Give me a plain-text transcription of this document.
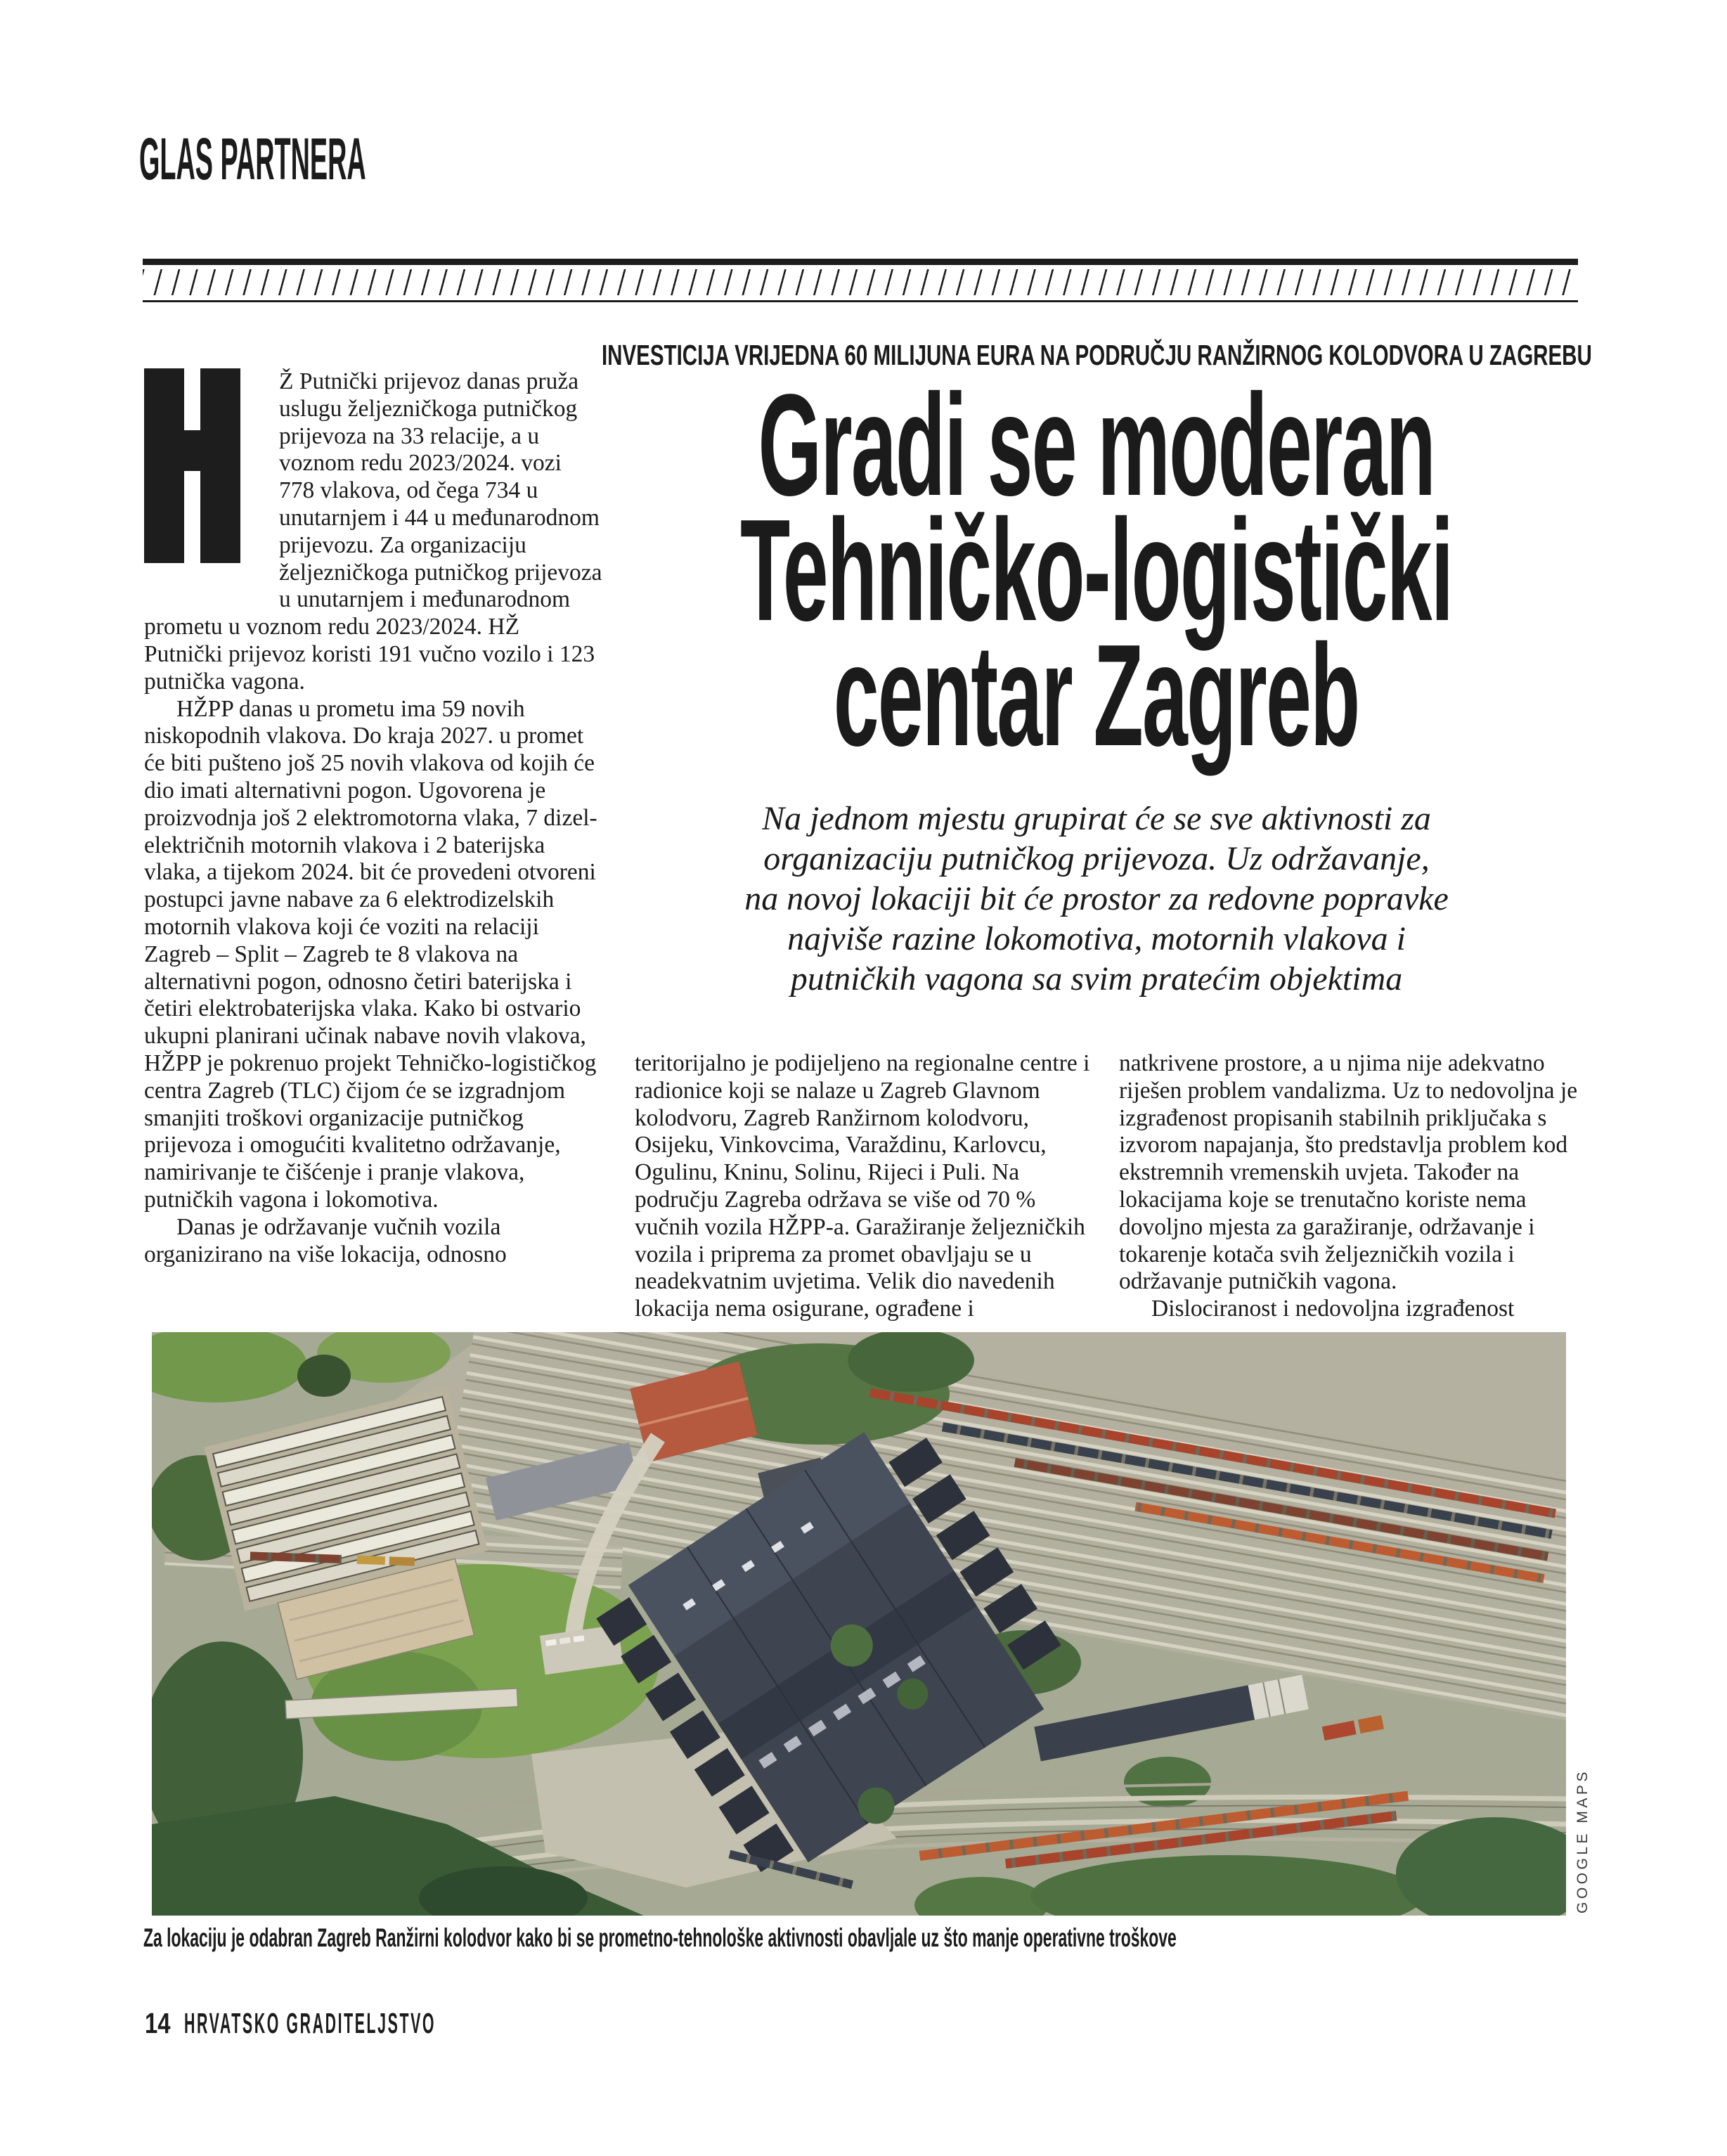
GLAS PARTNERA
INVESTICIJA VRIJEDNA 60 MILIJUNA EURA NA PODRUČJU RANŽIRNOG KOLODVORA U ZAGREBU
Gradi se moderan
Tehničko-logistički
centar Zagreb
Na jednom mjestu grupirat će se sve aktivnosti za
organizaciju putničkog prijevoza. Uz održavanje,
na novoj lokaciji bit će prostor za redovne popravke
najviše razine lokomotiva, motornih vlakova i
putničkih vagona sa svim pratećim objektima

Ž Putnički prijevoz danas pruža uslugu željezničkoga putničkog prijevoza na 33 relacije, a u voznom redu 2023/2024. vozi 778 vlakova, od čega 734 u unutarnjem i 44 u međunarodnom prijevozu. Za organizaciju željezničkoga putničkog prijevoza u unutarnjem i međunarodnom prometu u voznom redu 2023/2024. HŽ Putnički prijevoz koristi 191 vučno vozilo i 123 putnička vagona.

HŽPP danas u prometu ima 59 novih niskopodnih vlakova. Do kraja 2027. u promet će biti pušteno još 25 novih vlakova od kojih će dio imati alternativni pogon. Ugovorena je proizvodnja još 2 elektromotorna vlaka, 7 dizel-električnih motornih vlakova i 2 baterijska vlaka, a tijekom 2024. bit će provedeni otvoreni postupci javne nabave za 6 elektrodizelskih motornih vlakova koji će voziti na relaciji Zagreb – Split – Zagreb te 8 vlakova na alternativni pogon, odnosno četiri baterijska i četiri elektrobaterijska vlaka. Kako bi ostvario ukupni planirani učinak nabave novih vlakova, HŽPP je pokrenuo projekt Tehničko-logističkog centra Zagreb (TLC) čijom će se izgradnjom smanjiti troškovi organizacije putničkog prijevoza i omogućiti kvalitetno održavanje, namirivanje te čišćenje i pranje vlakova, putničkih vagona i lokomotiva.

Danas je održavanje vučnih vozila organizirano na više lokacija, odnosno

teritorijalno je podijeljeno na regionalne centre i radionice koji se nalaze u Zagreb Glavnom kolodvoru, Zagreb Ranžirnom kolodvoru, Osijeku, Vinkovcima, Varaždinu, Karlovcu, Ogulinu, Kninu, Solinu, Rijeci i Puli. Na području Zagreba održava se više od 70 % vučnih vozila HŽPP-a. Garažiranje željezničkih vozila i priprema za promet obavljaju se u neadekvatnim uvjetima. Velik dio navedenih lokacija nema osigurane, ograđene i

natkrivene prostore, a u njima nije adekvatno riješen problem vandalizma. Uz to nedovoljna je izgrađenost propisanih stabilnih priključaka s izvorom napajanja, što predstavlja problem kod ekstremnih vremenskih uvjeta. Također na lokacijama koje se trenutačno koriste nema dovoljno mjesta za garažiranje, održavanje i tokarenje kotača svih željezničkih vozila i održavanje putničkih vagona.

Dislociranost i nedovoljna izgrađenost

GOOGLE MAPS
Za lokaciju je odabran Zagreb Ranžirni kolodvor kako bi se prometno-tehnološke aktivnosti obavljale uz što manje operativne troškove
14 HRVATSKO GRADITELJSTVO
